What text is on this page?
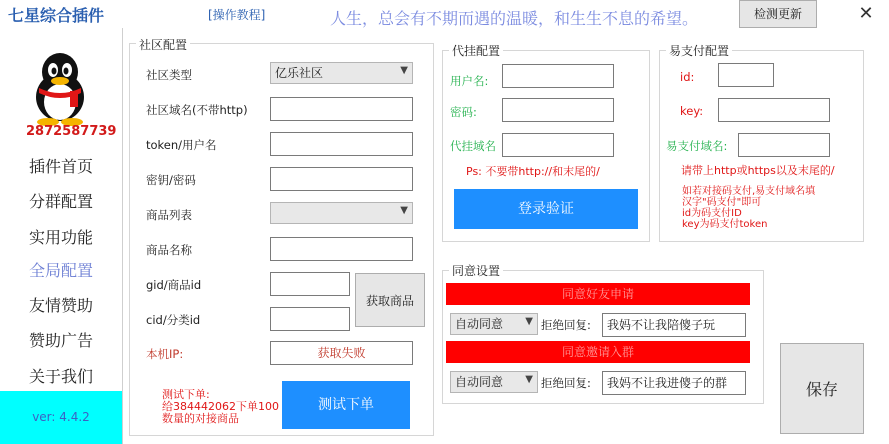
七星综合插件	[操作教程]	人生，总会有不期而遇的温暖，和生生不息的希望。	检测更新	✕
2872587739
插件首页
分群配置
实用功能
全局配置
友情赞助
赞助广告
关于我们
ver: 4.4.2
社区配置
社区类型	亿乐社区	▼
社区域名(不带http)
token/用户名
密钥/密码
商品列表	▼
商品名称
gid/商品id
cid/分类id
获取商品
本机IP:	获取失败
测试下单:
给384442062下单100
数量的对接商品
测试下单
代挂配置
用户名:
密码:
代挂域名
Ps: 不要带http://和末尾的/
登录验证
易支付配置
id:
key:
易支付域名:
请带上http或https以及末尾的/
如若对接码支付,易支付域名填
汉字"码支付"即可
id为码支付ID
key为码支付token
同意设置
同意好友申请
自动同意 ▼ 拒绝回复:	我妈不让我陪傻子玩
同意邀请入群
自动同意 ▼ 拒绝回复:	我妈不让我进傻子的群	保存
